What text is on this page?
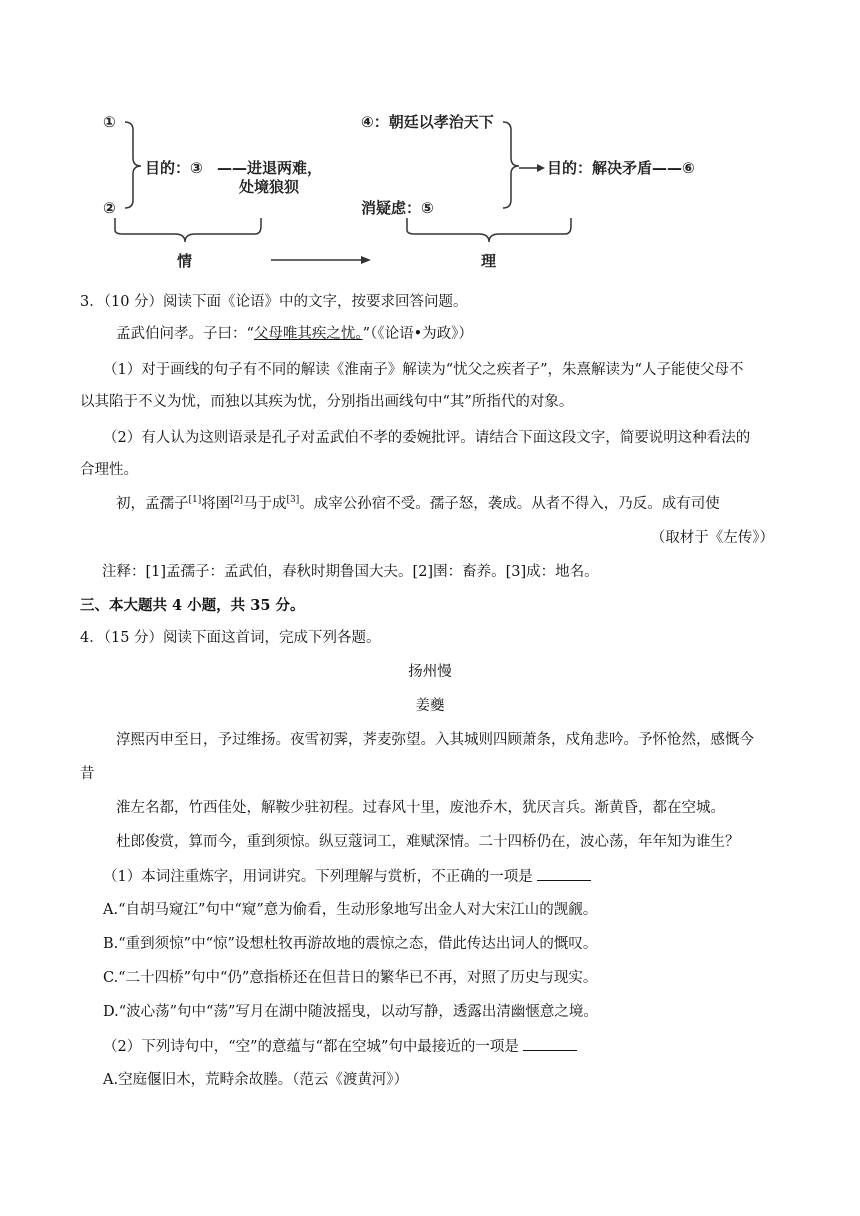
①
②
目的：③ ——进退两难，
处境狼狈
④：朝廷以孝治天下
消疑虑：⑤
目的：解决矛盾——⑥
情	理
3．（10 分）阅读下面《论语》中的文字，按要求回答问题。
孟武伯问孝。子曰：“父母唯其疾之忧。”（《论语•为政》）
（1）对于画线的句子有不同的解读《淮南子》解读为“忧父之疾者子”，朱熹解读为“人子能使父母不
以其陷于不义为忧，而独以其疾为忧，分别指出画线句中“其”所指代的对象。
（2）有人认为这则语录是孔子对孟武伯不孝的委婉批评。请结合下面这段文字，简要说明这种看法的
合理性。
初，孟孺子[1]将圉[2]马于成[3]。成宰公孙宿不受。孺子怒，袭成。从者不得入，乃反。成有司使
（取材于《左传》）
注释：[1]孟孺子：孟武伯，春秋时期鲁国大夫。[2]圉：畜养。[3]成：地名。
三、本大题共 4 小题，共 35 分。
4．（15 分）阅读下面这首词，完成下列各题。
扬州慢
姜夔
淳熙丙申至日，予过维扬。夜雪初霁，荠麦弥望。入其城则四顾萧条，戍角悲吟。予怀怆然，感慨今
昔
淮左名都，竹西佳处，解鞍少驻初程。过春风十里，废池乔木，犹厌言兵。渐黄昏，都在空城。
杜郎俊赏，算而今，重到须惊。纵豆蔻词工，难赋深情。二十四桥仍在，波心荡，年年知为谁生？
（1）本词注重炼字，用词讲究。下列理解与赏析，不正确的一项是
A.“自胡马窥江”句中“窥”意为偷看，生动形象地写出金人对大宋江山的觊觎。
B.“重到须惊”中“惊”设想杜牧再游故地的震惊之态，借此传达出词人的慨叹。
C.“二十四桥”句中“仍”意指桥还在但昔日的繁华已不再，对照了历史与现实。
D.“波心荡”句中“荡”写月在湖中随波摇曳，以动写静，透露出清幽惬意之境。
（2）下列诗句中，“空”的意蕴与“都在空城”句中最接近的一项是
A.空庭偃旧木，荒畤余故塍。（范云《渡黄河》）
